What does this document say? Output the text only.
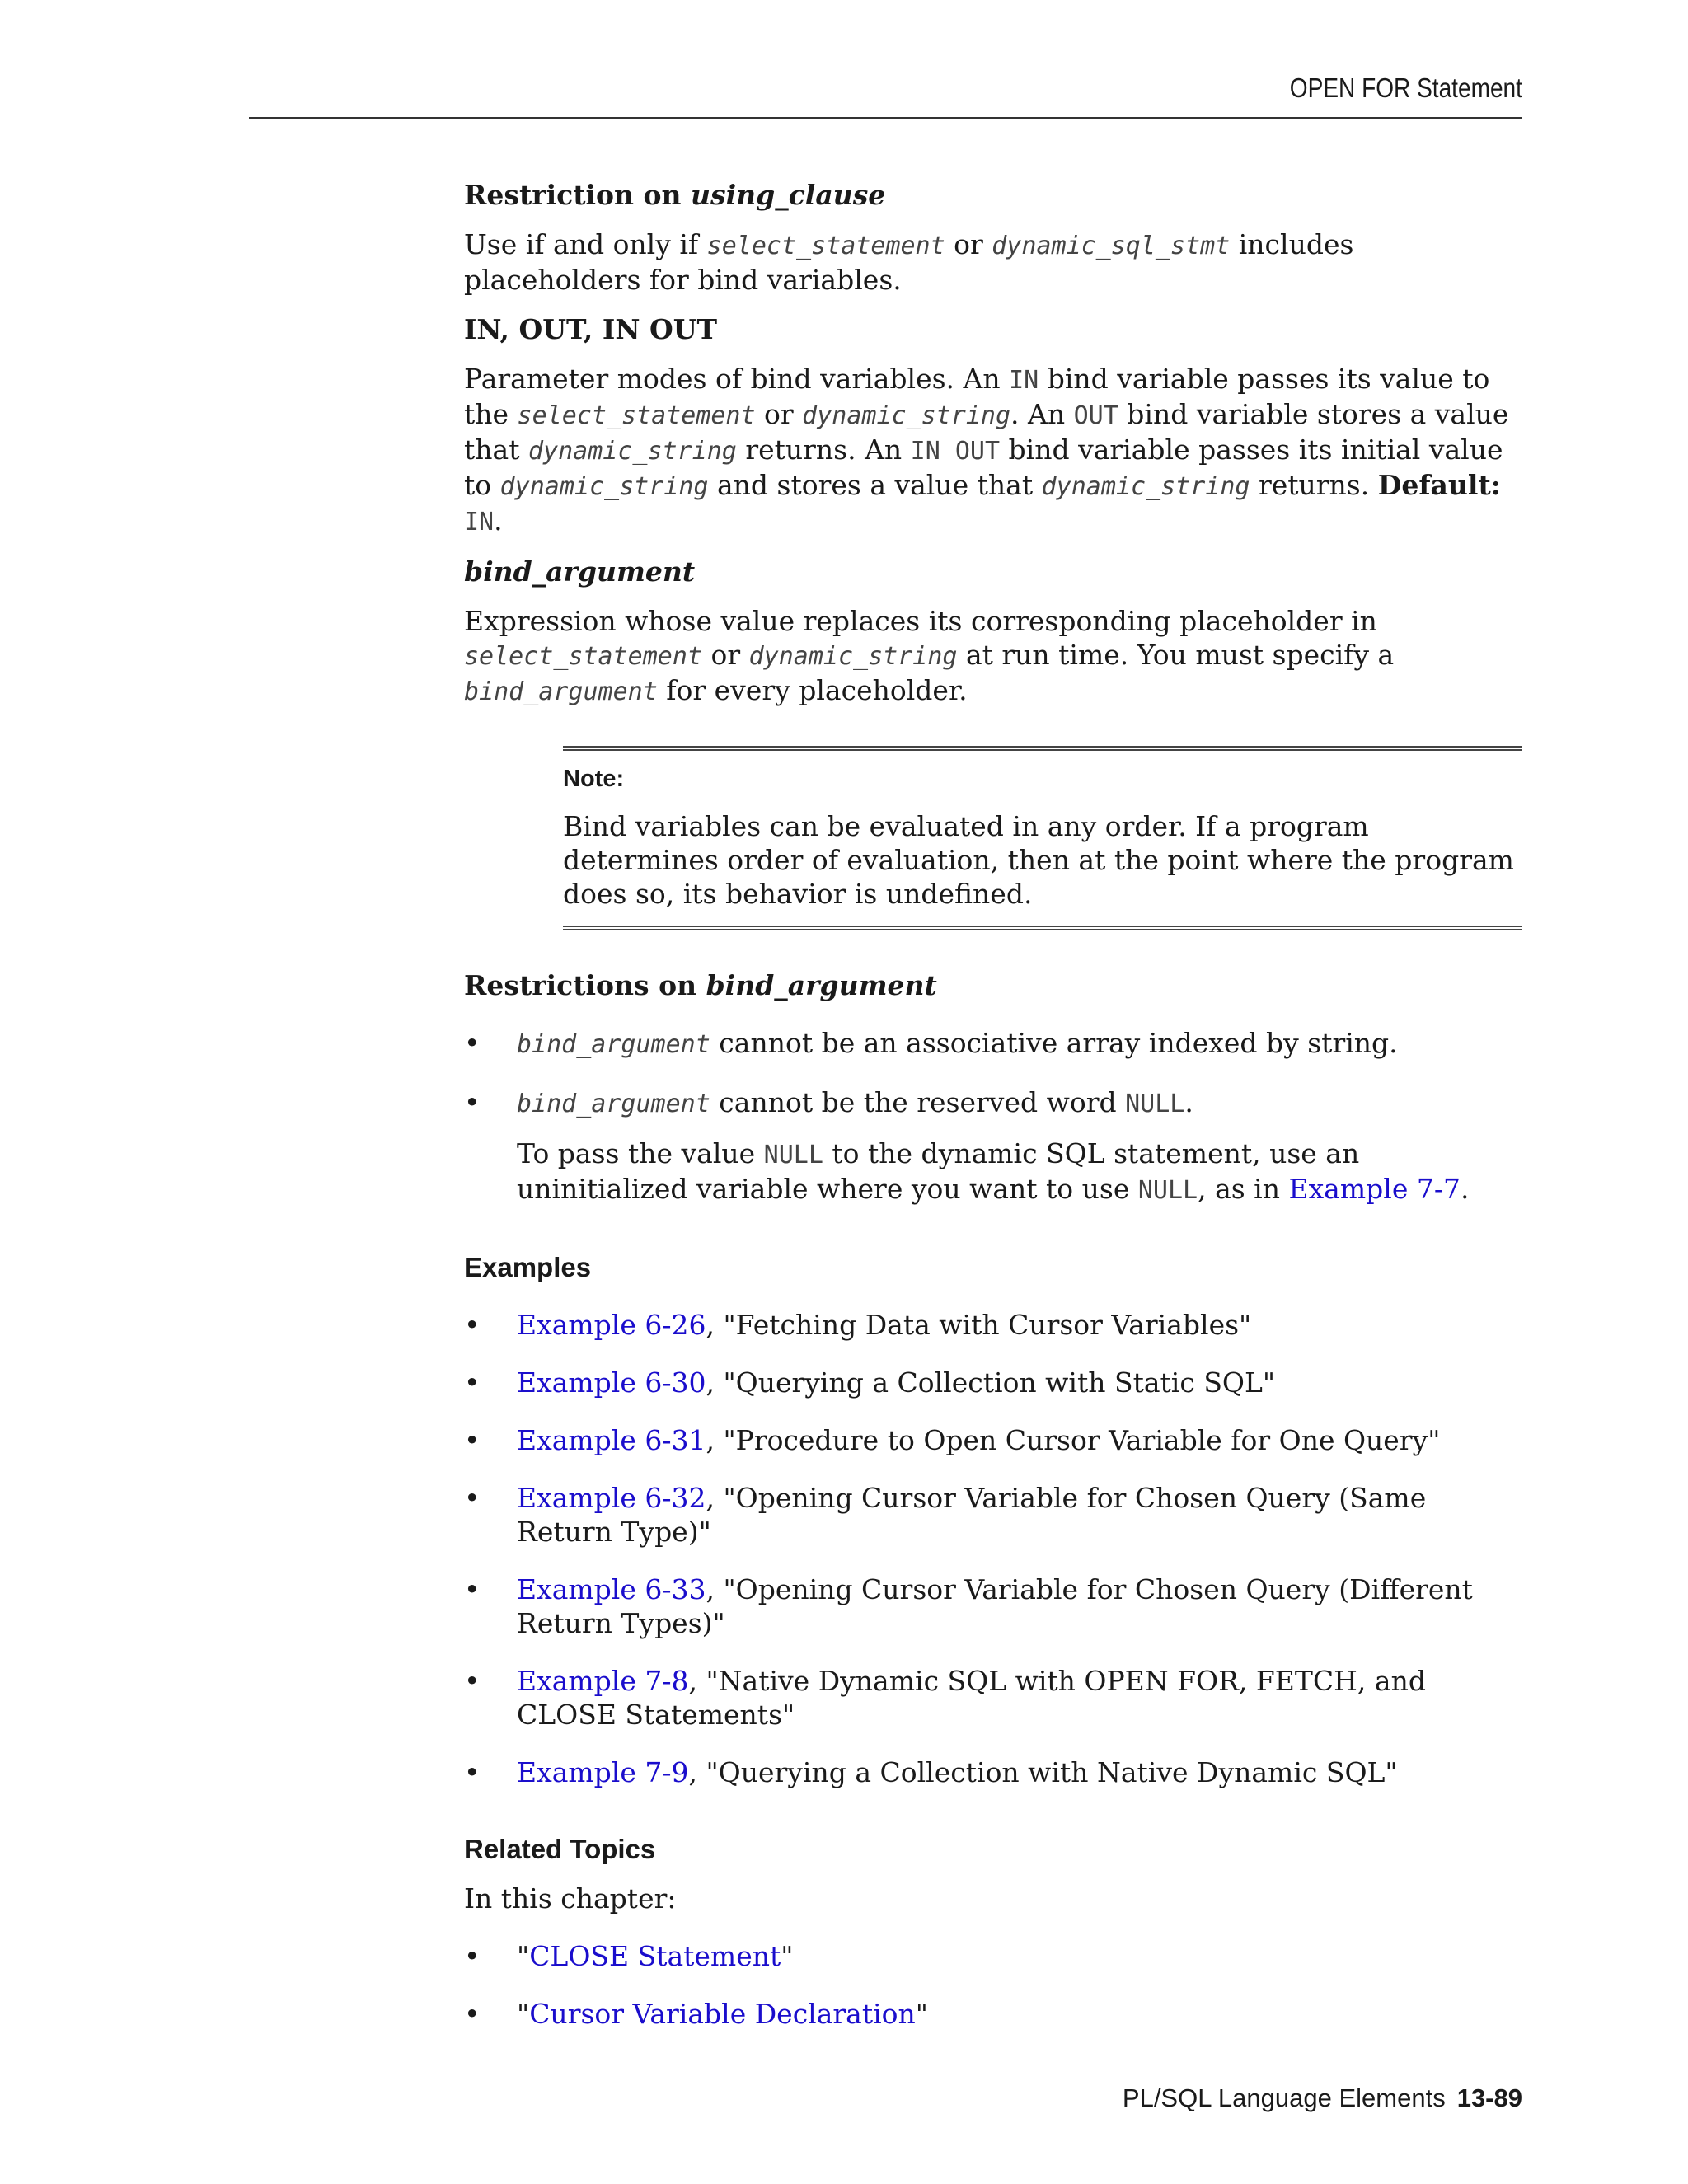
OPEN FOR Statement

Restriction on using_clause

Use if and only if select_statement or dynamic_sql_stmt includes placeholders for bind variables.

IN, OUT, IN OUT

Parameter modes of bind variables. An IN bind variable passes its value to the select_statement or dynamic_string. An OUT bind variable stores a value that dynamic_string returns. An IN OUT bind variable passes its initial value to dynamic_string and stores a value that dynamic_string returns. Default: IN.

bind_argument

Expression whose value replaces its corresponding placeholder in select_statement or dynamic_string at run time. You must specify a bind_argument for every placeholder.

Note:

Bind variables can be evaluated in any order. If a program determines order of evaluation, then at the point where the program does so, its behavior is undefined.

Restrictions on bind_argument

•	bind_argument cannot be an associative array indexed by string.
•	bind_argument cannot be the reserved word NULL.

To pass the value NULL to the dynamic SQL statement, use an uninitialized variable where you want to use NULL, as in Example 7-7.

Examples

•	Example 6-26, "Fetching Data with Cursor Variables"
•	Example 6-30, "Querying a Collection with Static SQL"
•	Example 6-31, "Procedure to Open Cursor Variable for One Query"
•	Example 6-32, "Opening Cursor Variable for Chosen Query (Same Return Type)"
•	Example 6-33, "Opening Cursor Variable for Chosen Query (Different Return Types)"
•	Example 7-8, "Native Dynamic SQL with OPEN FOR, FETCH, and CLOSE Statements"
•	Example 7-9, "Querying a Collection with Native Dynamic SQL"

Related Topics

In this chapter:

•	"CLOSE Statement"
•	"Cursor Variable Declaration"
PL/SQL Language Elements 13-89
